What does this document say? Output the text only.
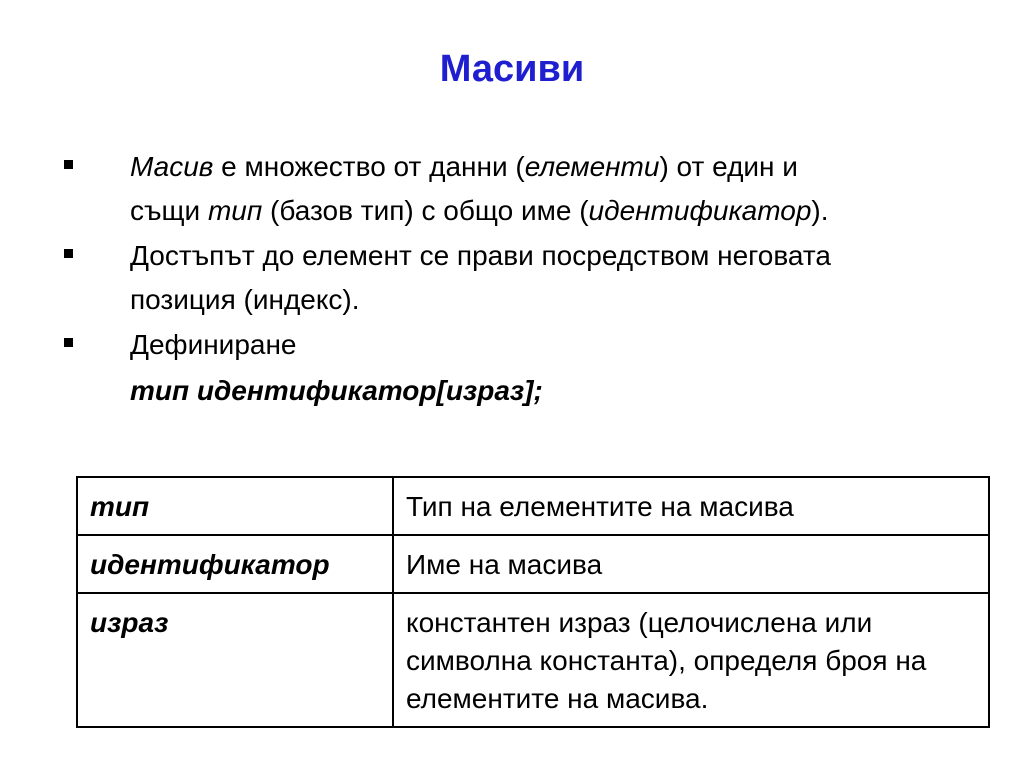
Масиви
Масив е множество от данни (елементи) от един и същи тип (базов тип) с общо име (идентификатор).
Достъпът до елемент се прави посредством неговата позиция (индекс).
Дефиниране
тип идентификатор[израз];
тип	Тип на елементите на масива
идентификатор	Име на масива
израз	константен израз (целочислена или символна константа), определя броя на елементите на масива.
